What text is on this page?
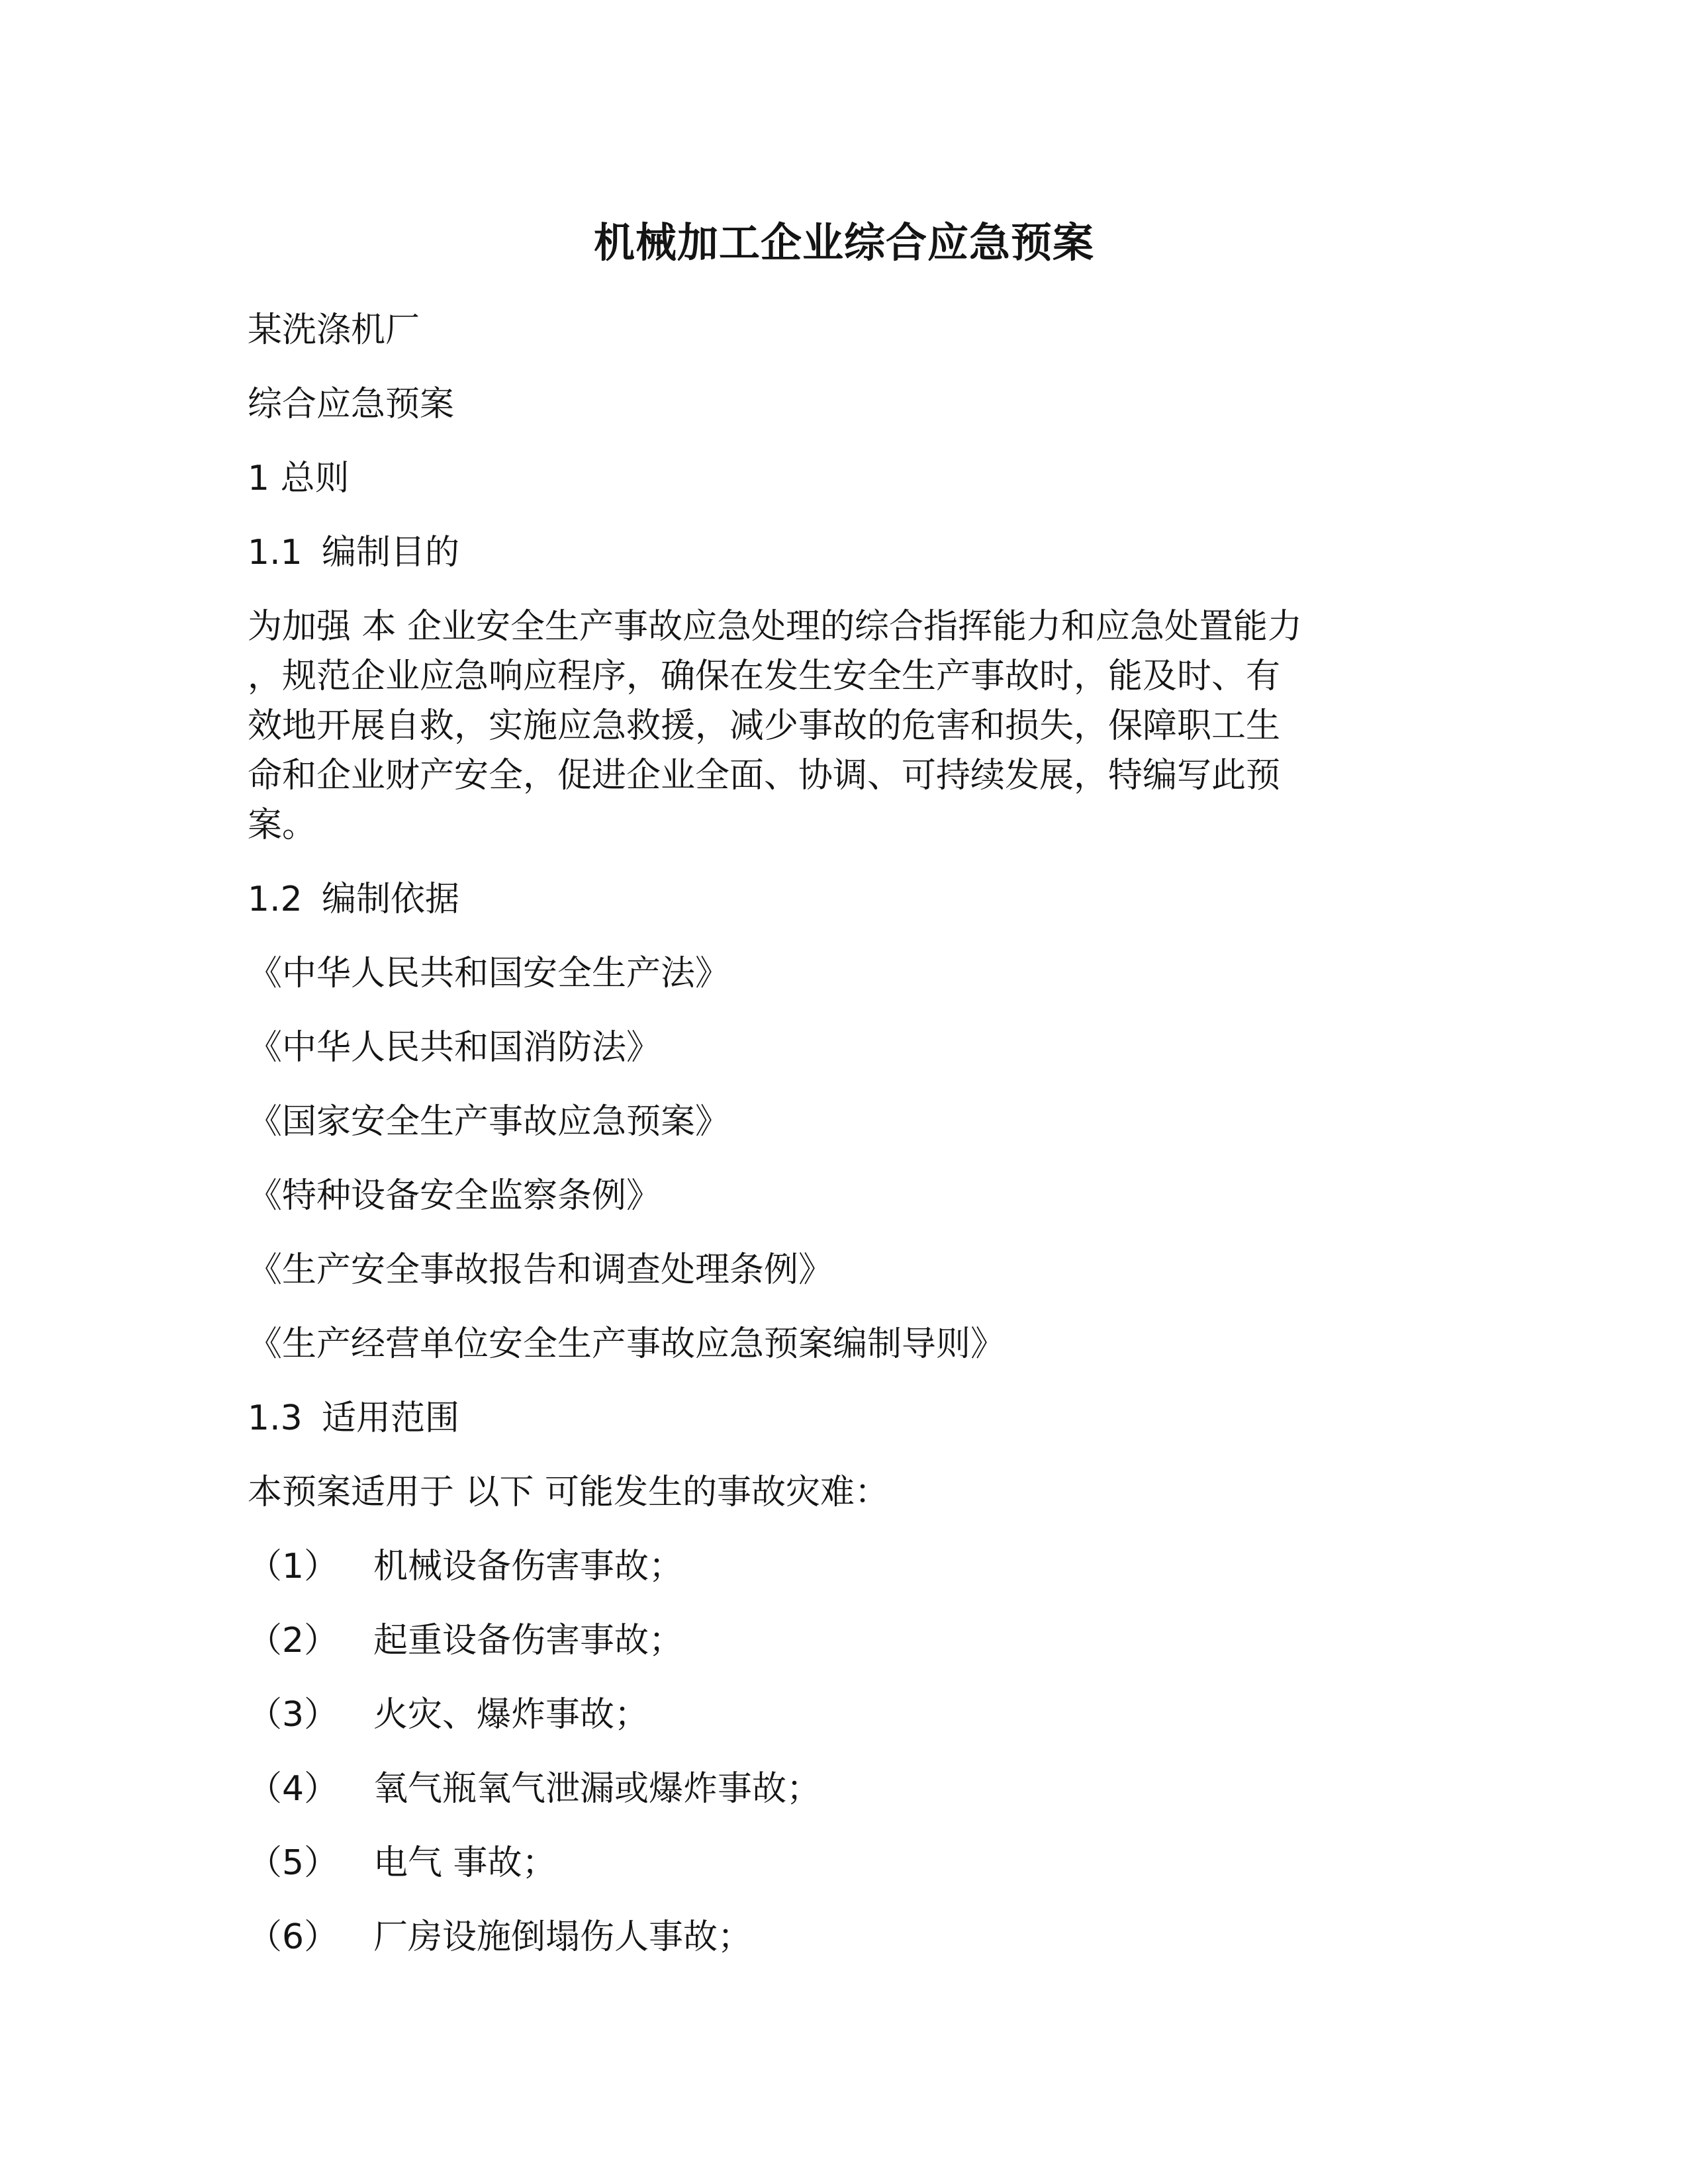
机械加工企业综合应急预案
某洗涤机厂
综合应急预案
1 总则
1.1 编制目的
为加强 本 企业安全生产事故应急处理的综合指挥能力和应急处置能力
，规范企业应急响应程序，确保在发生安全生产事故时，能及时、有
效地开展自救，实施应急救援，减少事故的危害和损失，保障职工生
命和企业财产安全，促进企业全面、协调、可持续发展，特编写此预
案。
1.2 编制依据
《中华人民共和国安全生产法》
《中华人民共和国消防法》
《国家安全生产事故应急预案》
《特种设备安全监察条例》
《生产安全事故报告和调查处理条例》
《生产经营单位安全生产事故应急预案编制导则》
1.3 适用范围
本预案适用于 以下 可能发生的事故灾难：
（1） 机械设备伤害事故；
（2） 起重设备伤害事故；
（3） 火灾、爆炸事故；
（4） 氧气瓶氧气泄漏或爆炸事故；
（5） 电气 事故；
（6） 厂房设施倒塌伤人事故；
